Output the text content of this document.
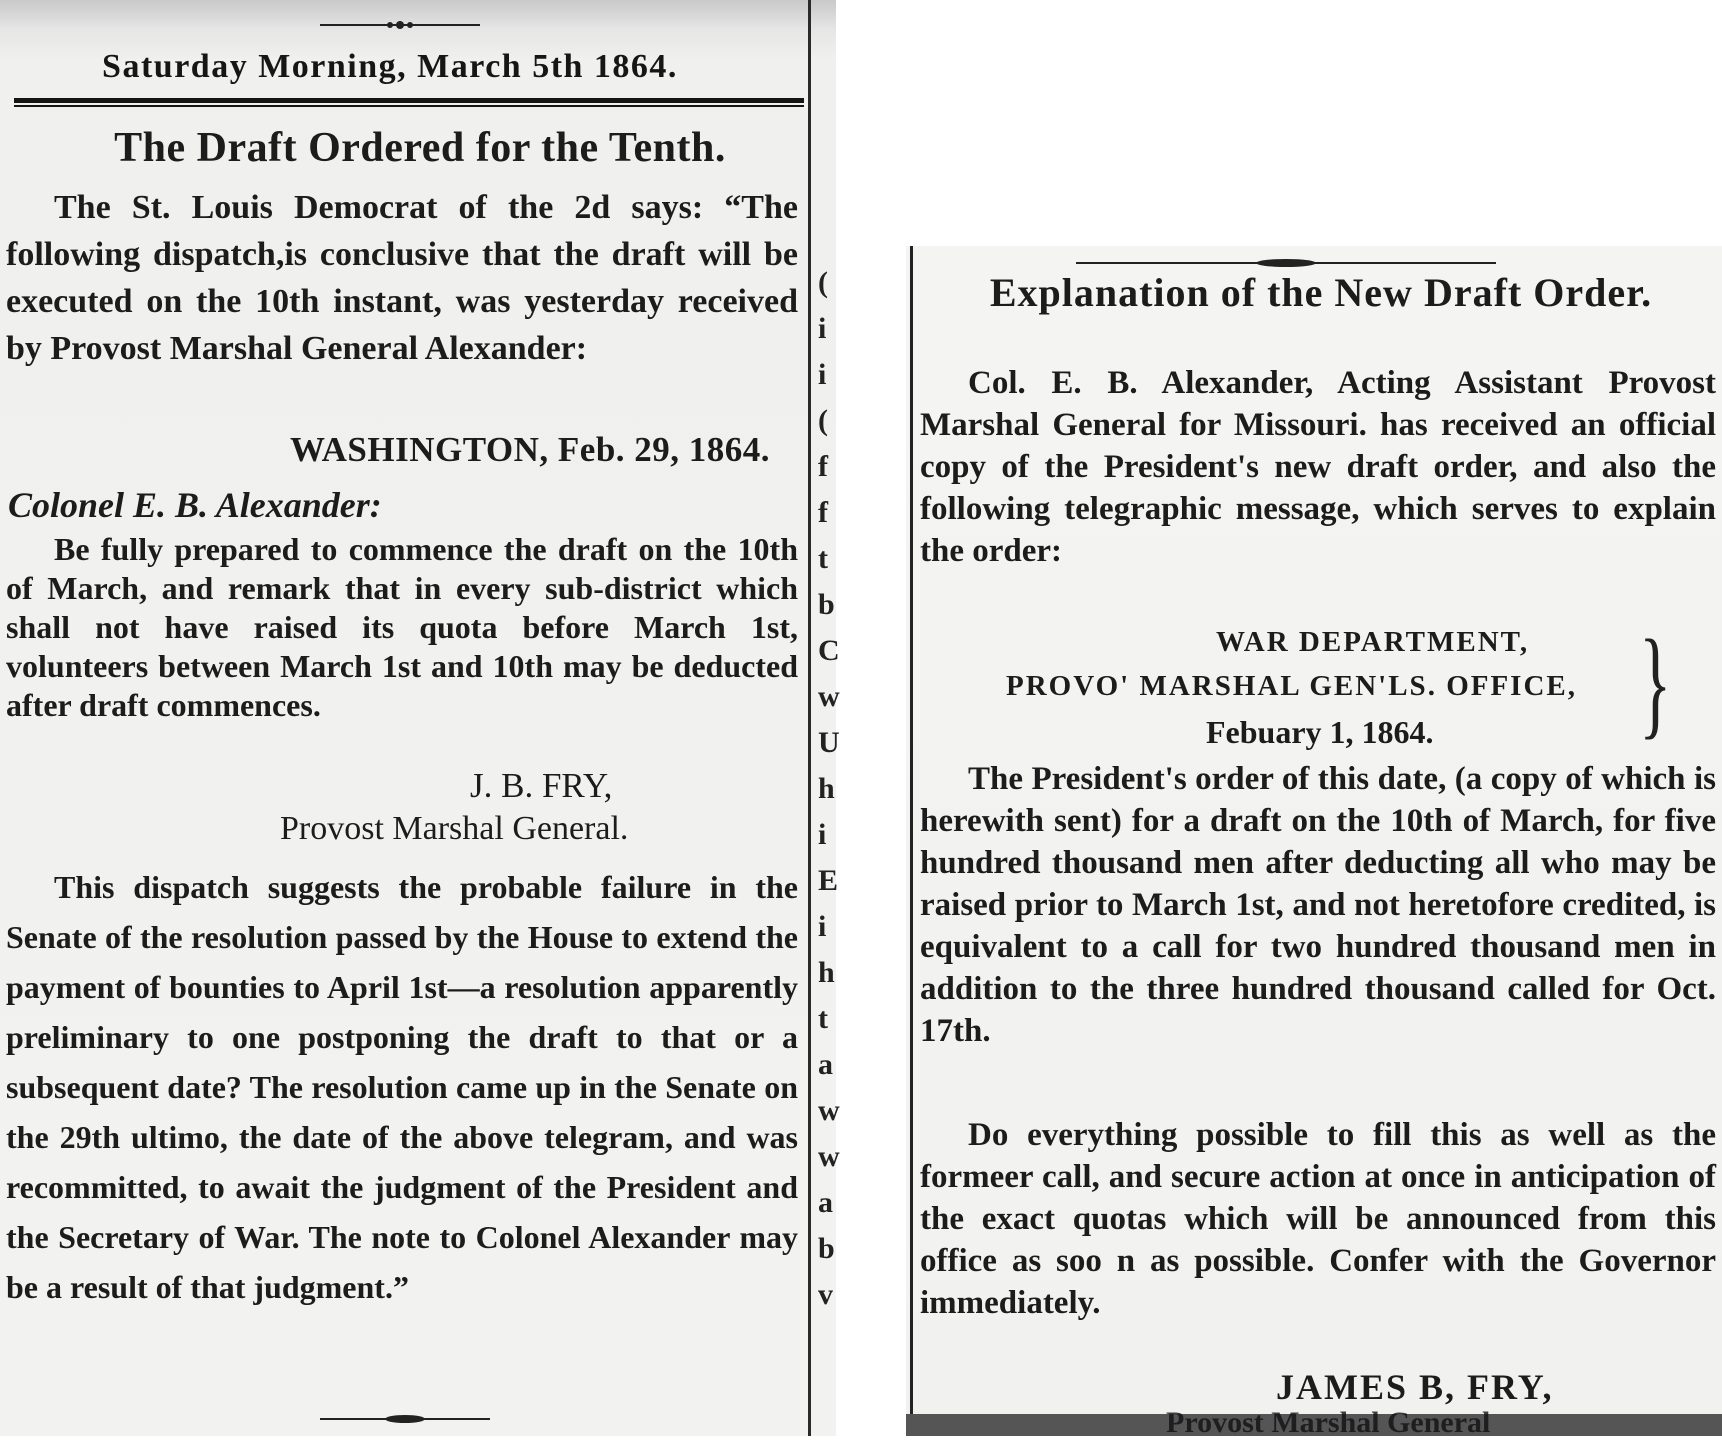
Saturday Morning, March 5th 1864.
The Draft Ordered for the Tenth.

The St. Louis Democrat of the 2d says: “The following dispatch,is conclusive that the draft will be executed on the 10th instant, was yesterday received by Provost Marshal General Alexander:

WASHINGTON, Feb. 29, 1864.
Colonel E. B. Alexander:

Be fully prepared to commence the draft on the 10th of March, and remark that in every sub-district which shall not have raised its quota before March 1st, volunteers between March 1st and 10th may be deducted after draft commences.

J. B. FRY,
Provost Marshal General.

This dispatch suggests the probable failure in the Senate of the resolution passed by the House to extend the payment of bounties to April 1st—a resolution apparently preliminary to one postponing the draft to that or a subsequent date? The resolution came up in the Senate on the 29th ultimo, the date of the above telegram, and was recommitted, to await the judgment of the President and the Secretary of War. The note to Colonel Alexander may be a result of that judgment.”

(
i
i
(
f
f
t
b
C
w
U
h
i
E
i
h
t
a
w
w
a
b
v
Explanation of the New Draft Order.

Col. E. B. Alexander, Acting Assistant Provost Marshal General for Missouri. has received an official copy of the President's new draft order, and also the following telegraphic message, which serves to explain the order:

WAR DEPARTMENT,
PROVO' MARSHAL GEN'LS. OFFICE,
Febuary 1, 1864. }

The President's order of this date, (a copy of which is herewith sent) for a draft on the 10th of March, for five hundred thousand men after deducting all who may be raised prior to March 1st, and not heretofore credited, is equivalent to a call for two hundred thousand men in addition to the three hundred thousand called for Oct. 17th.

Do everything possible to fill this as well as the formeer call, and secure action at once in anticipation of the exact quotas which will be announced from this office as soo n as possible. Confer with the Governor immediately.

JAMES B, FRY,
Provost Marshal General
